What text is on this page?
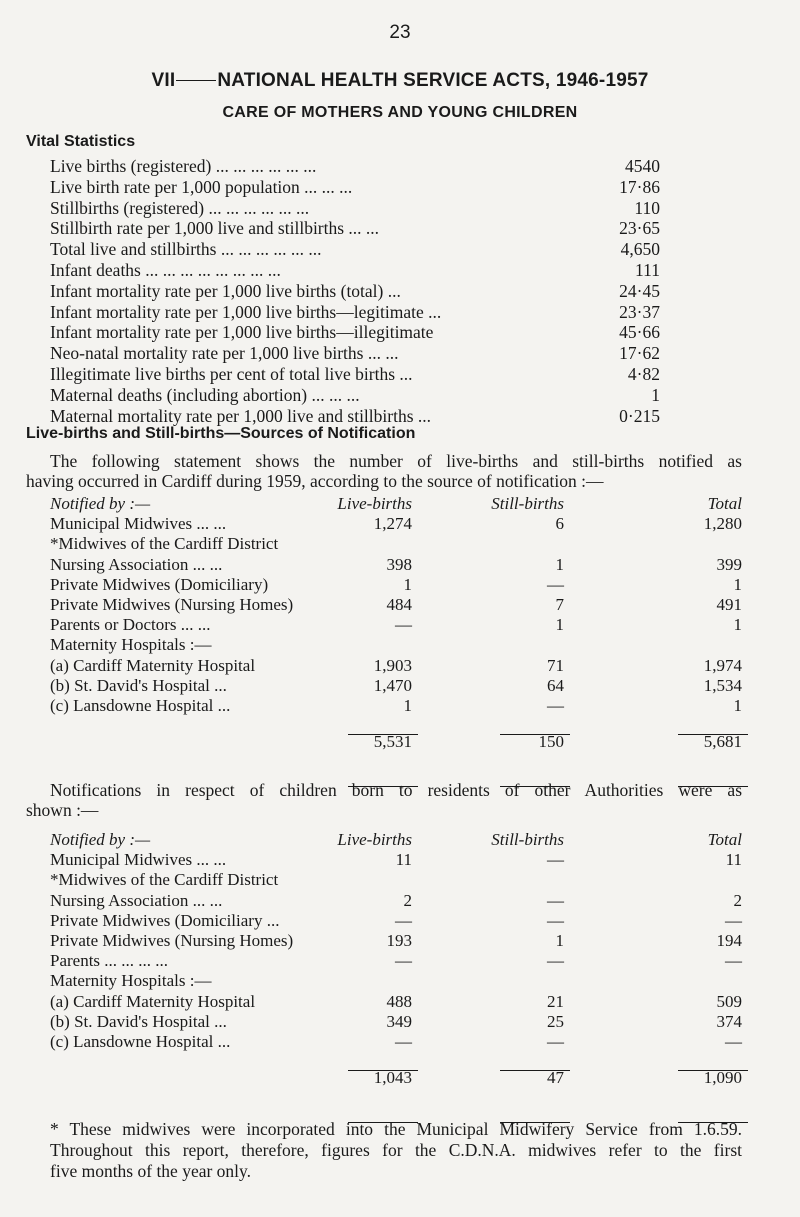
23
VII NATIONAL HEALTH SERVICE ACTS, 1946-1957
CARE OF MOTHERS AND YOUNG CHILDREN
Vital Statistics
Live births (registered) ... ... ... ... ... ...	4540
Live birth rate per 1,000 population ... ... ...	17·86
Stillbirths (registered) ... ... ... ... ... ...	110
Stillbirth rate per 1,000 live and stillbirths ... ...	23·65
Total live and stillbirths ... ... ... ... ... ...	4,650
Infant deaths ... ... ... ... ... ... ... ...	111
Infant mortality rate per 1,000 live births (total) ...	24·45
Infant mortality rate per 1,000 live births—legitimate ...	23·37
Infant mortality rate per 1,000 live births—illegitimate	45·66
Neo-natal mortality rate per 1,000 live births ... ...	17·62
Illegitimate live births per cent of total live births ...	4·82
Maternal deaths (including abortion) ... ... ...	1
Maternal mortality rate per 1,000 live and stillbirths ...	0·215
Live-births and Still-births—Sources of Notification
The following statement shows the number of live-births and still-births notified as
having occurred in Cardiff during 1959, according to the source of notification :—
Notified by :—	Live-births	Still-births	Total
Municipal Midwives ... ...	1,274	6	1,280
*Midwives of the Cardiff District
Nursing Association ... ...	398	1	399
Private Midwives (Domiciliary)	1	—	1
Private Midwives (Nursing Homes)	484	7	491
Parents or Doctors ... ...	—	1	1
Maternity Hospitals :—
(a) Cardiff Maternity Hospital	1,903	71	1,974
(b) St. David's Hospital ...	1,470	64	1,534
(c) Lansdowne Hospital ...	1	—	1
5,531	150	5,681
Notifications in respect of children born to residents of other Authorities were as
shown :—
Notified by :—	Live-births	Still-births	Total
Municipal Midwives ... ...	11	—	11
*Midwives of the Cardiff District
Nursing Association ... ...	2	—	2
Private Midwives (Domiciliary ...	—	—	—
Private Midwives (Nursing Homes)	193	1	194
Parents ... ... ... ...	—	—	—
Maternity Hospitals :—
(a) Cardiff Maternity Hospital	488	21	509
(b) St. David's Hospital ...	349	25	374
(c) Lansdowne Hospital ...	—	—	—
1,043	47	1,090
* These midwives were incorporated into the Municipal Midwifery Service from 1.6.59.
Throughout this report, therefore, figures for the C.D.N.A. midwives refer to the first
five months of the year only.
